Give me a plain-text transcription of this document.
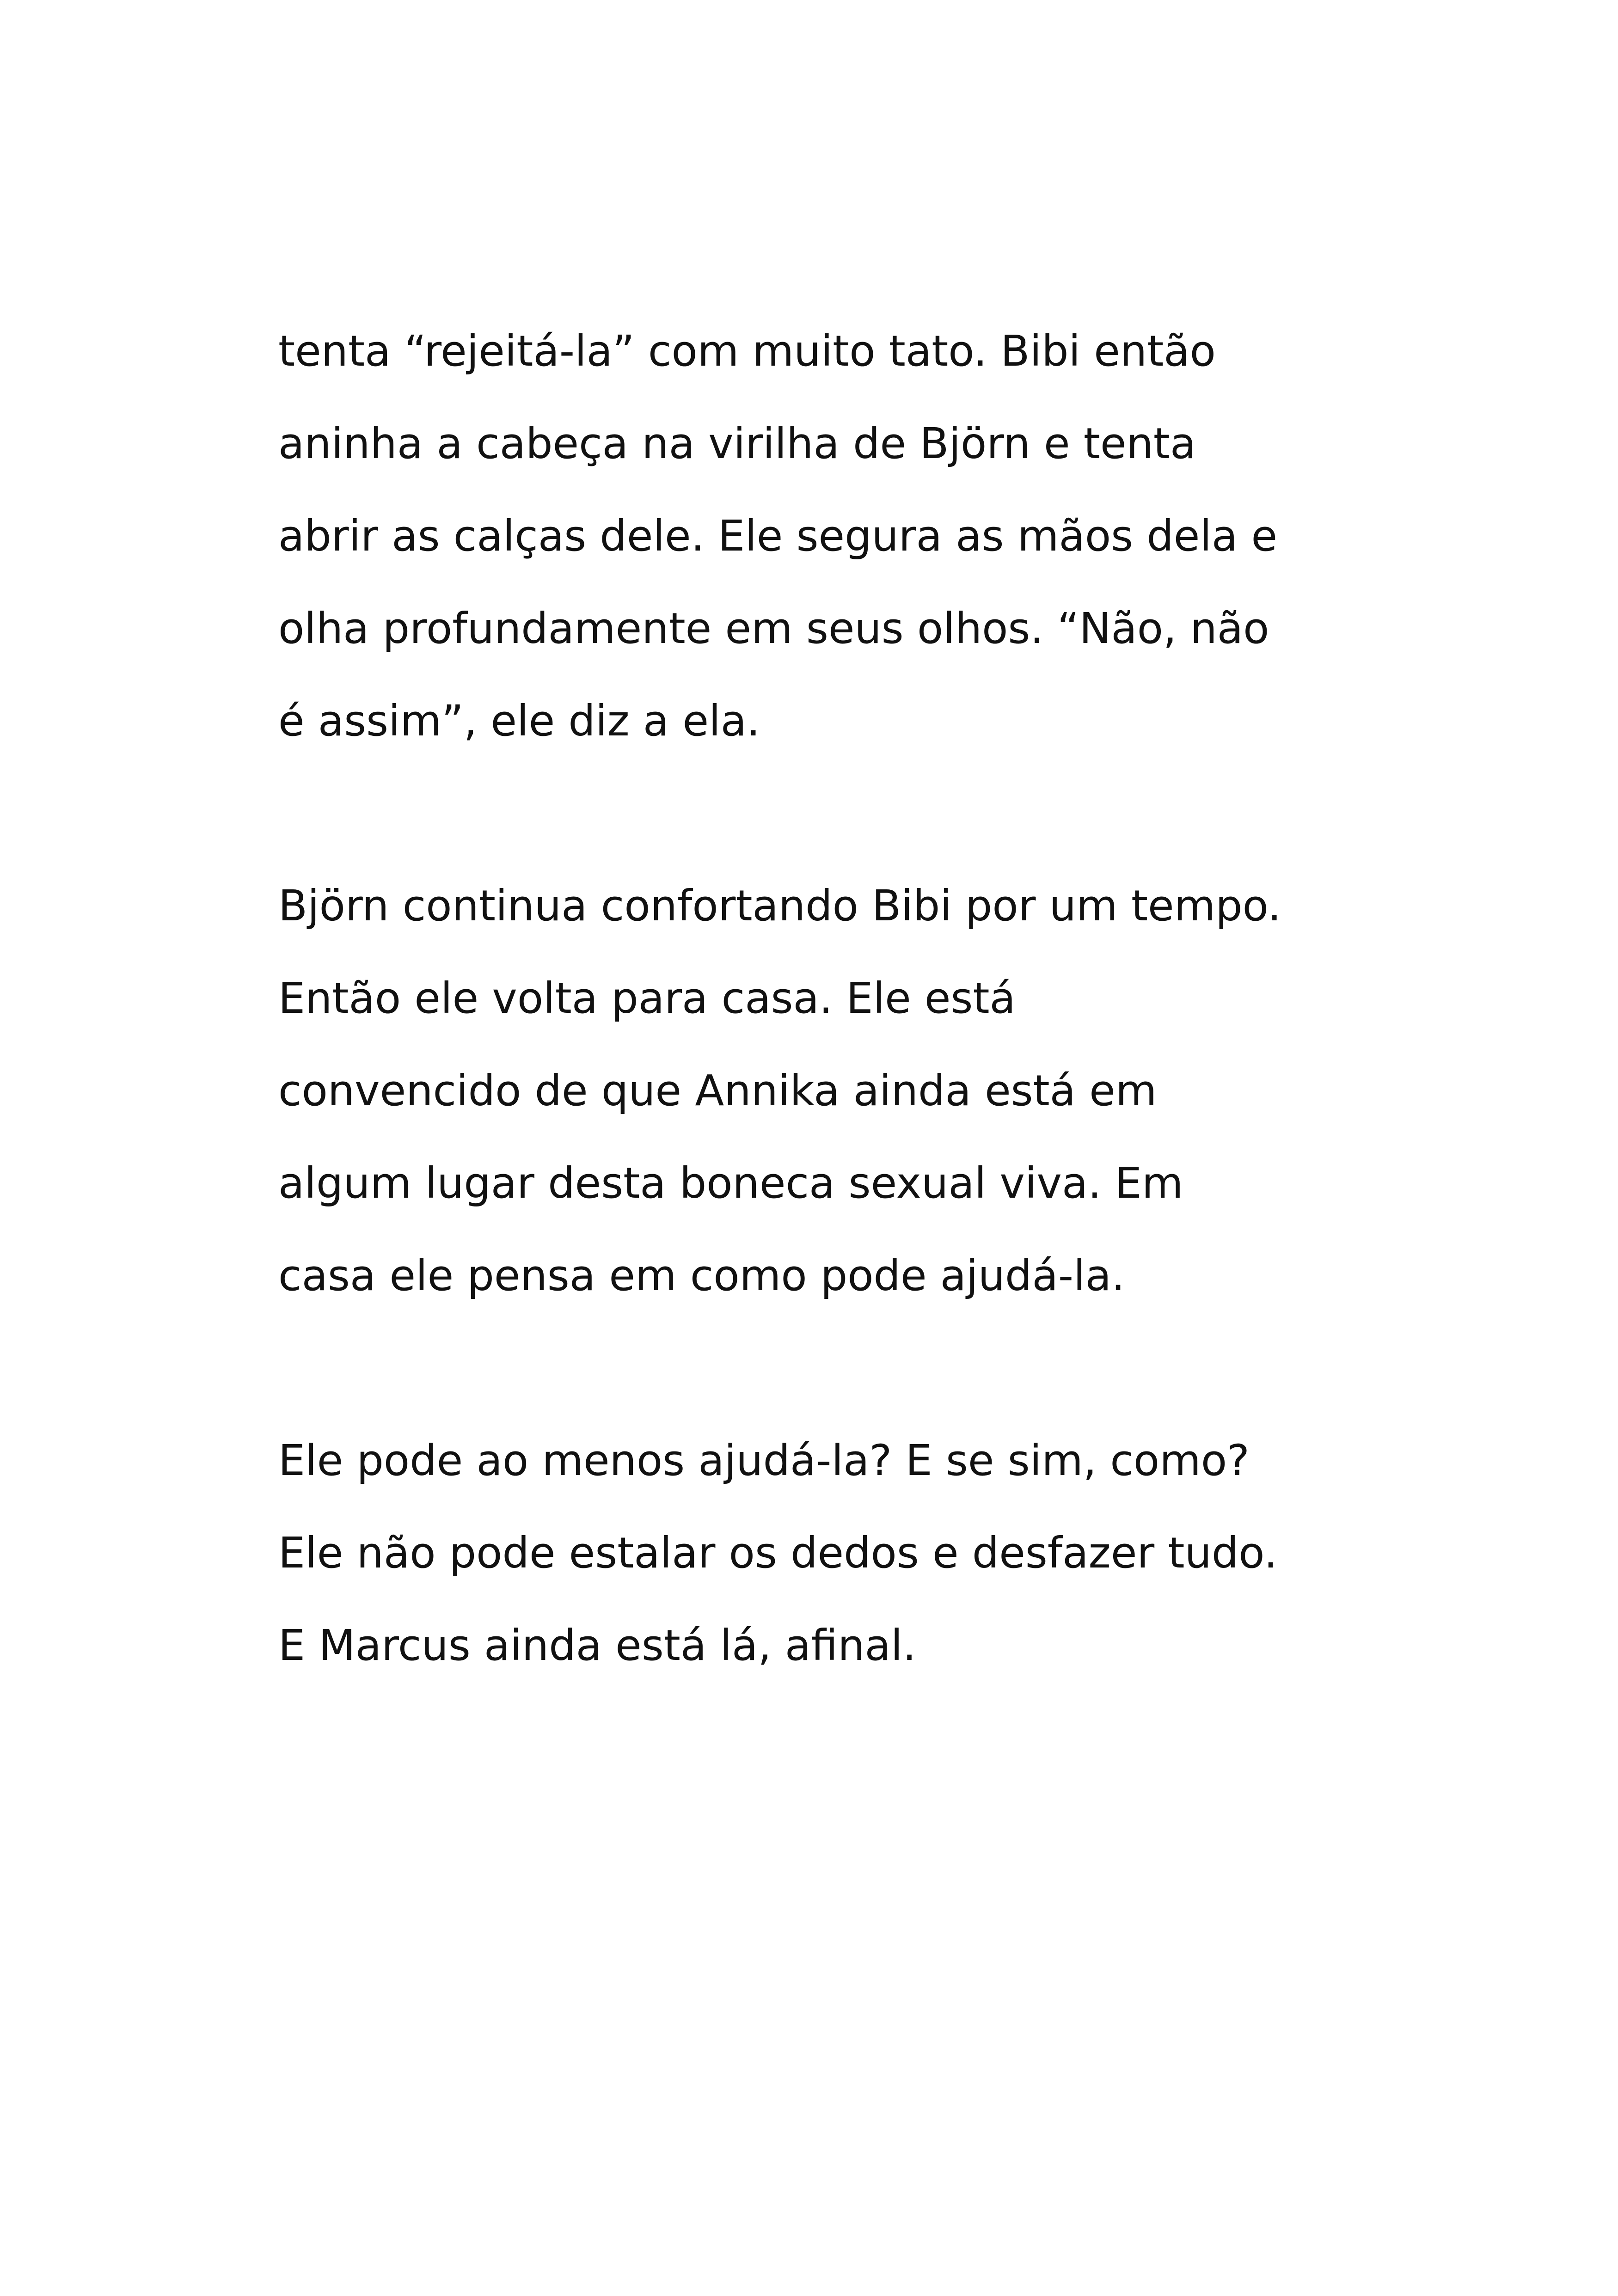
tenta “rejeitá-la” com muito tato. Bibi então
aninha a cabeça na virilha de Björn e tenta
abrir as calças dele. Ele segura as mãos dela e
olha profundamente em seus olhos. “Não, não
é assim”, ele diz a ela.
Björn continua confortando Bibi por um tempo.
Então ele volta para casa. Ele está
convencido de que Annika ainda está em
algum lugar desta boneca sexual viva. Em
casa ele pensa em como pode ajudá-la.
Ele pode ao menos ajudá-la? E se sim, como?
Ele não pode estalar os dedos e desfazer tudo.
E Marcus ainda está lá, afinal.
